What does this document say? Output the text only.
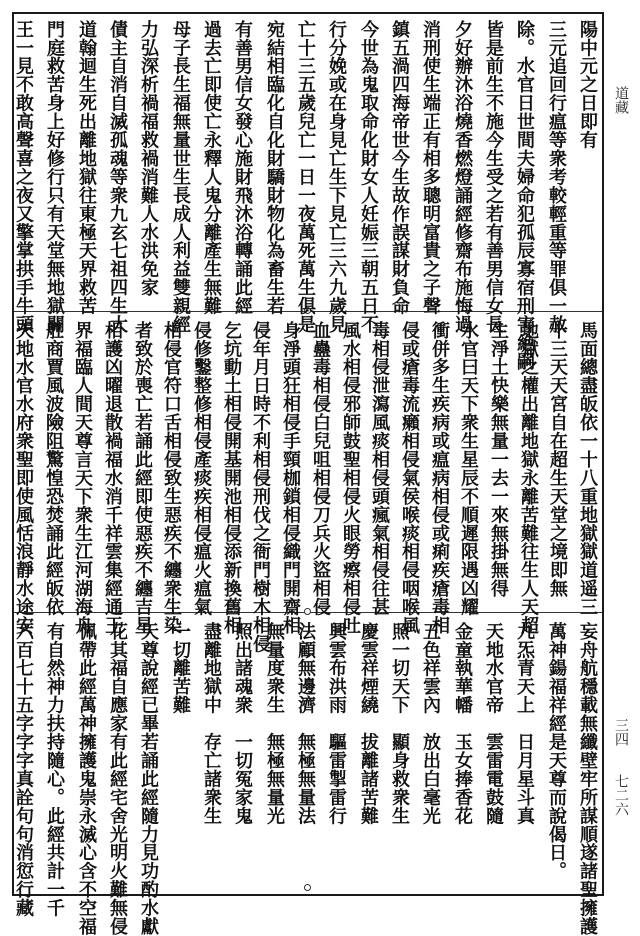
道藏
三四
七二六
陽中元之日即有
三元追回行瘟等衆考較輕重等罪俱一赦
除。水官日世間夫婦命犯孤辰寡宿刑害絶嗣
皆是前生不施今生受之若有善男信女長
夕好辦沐浴燒香燃燈誦經修齋布施悔過
消刑使生端正有相多聰明富貴之子聲
鎮五渦四海帝世今生故作誤謀財負命
今世為鬼取命化財女人妊娠三朝五日不
行分娩或在身見亡生下見亡三六九歲見
亡十三五歲兒亡一日一夜萬死萬生俱是
宛結相臨化自化財驕財物化為畜生若
有善男信女發心施財飛沐浴轉誦此經
過去亡即使亡永釋人鬼分離產生無難
母子長生福無量世生長成人利益雙親經
力弘深析禍福救禍消難人水洪免家
債主自消自滅孤魂等衆九玄七祖四生大
道翰迴生死出離地獄往東極天界救苦
門庭救苦身上好修行只有天堂無地獄關
王一見不敢高聲喜之夜又擎掌拱手牛頭
馬面總盡皈依一十八重地獄獄道遥三
十三天天宮自在超生天堂之境即無
地獄之權出離地獄永離苦難往生人天超
生淨土快樂無量一去一來無掛無得
水官曰天下衆生星辰不順遲限遇凶耀
衝併多生疾病或瘟病相侵或痢疾瘡毒相
侵或瘡毒流癩相侵氣侯喉痰相侵咽喉風
毒相侵泄瀉風痰相侵頭瘋氣相侵往甚
風水相侵邪師鼓聖相侵火眼勞瘵相侵吐
血蠱毒相侵白兒咀相侵刀兵火盜相侵
身淨頭狂相侵手頸枷鎖相侵織門開齋相
侵年月日時不利相侵刑伐之衙門樹木相侵
乞坑動土相侵開基開池相侵添新換舊相
侵修鑿整修相侵產痰疾相侵瘟火瘟氣
相侵官符口舌相侵致生惡疾不纏衆生染
者致於喪亡若誦此經即使惡疾不纏吉星
相護凶曜退散禍福水消千祥雲集經通王
界福臨人間天尊言天下衆生江河湖海舟
舡商賈風波險阻驚惶恐焚誦此經皈依
天地水官水府衆聖即使風恬浪靜水途安
妄舟航穩載無纖壁牢所謀順遂諸聖擁護
萬神鍚福祥經是天尊而說偈日。
九炁青天上　日月星斗真
天地水官帝　雲雷電鼓隨
金童執華幡　玉女捧香花
五色祥雲內　放出白毫光
照一切天下　顯身救衆生
慶雲祥煙繞　拔離諸苦難
興雲布洪雨　驅雷掣雷行
法顧無邊濟　無極無量法
無量度衆生　無極無量光
照出諸魂衆　一切冤家鬼
盡離地獄中　存亡諸衆生
一切離苦難
天尊說經已畢若誦此經隨力見功酌水獻
花其福自應家有此經宅舍光明火難無侵
佩帶此經萬神擁護鬼崇永滅心含不空福
有自然神力扶持隨心。此經共計一千
六百七十五字字字真詮句句消愆行藏
